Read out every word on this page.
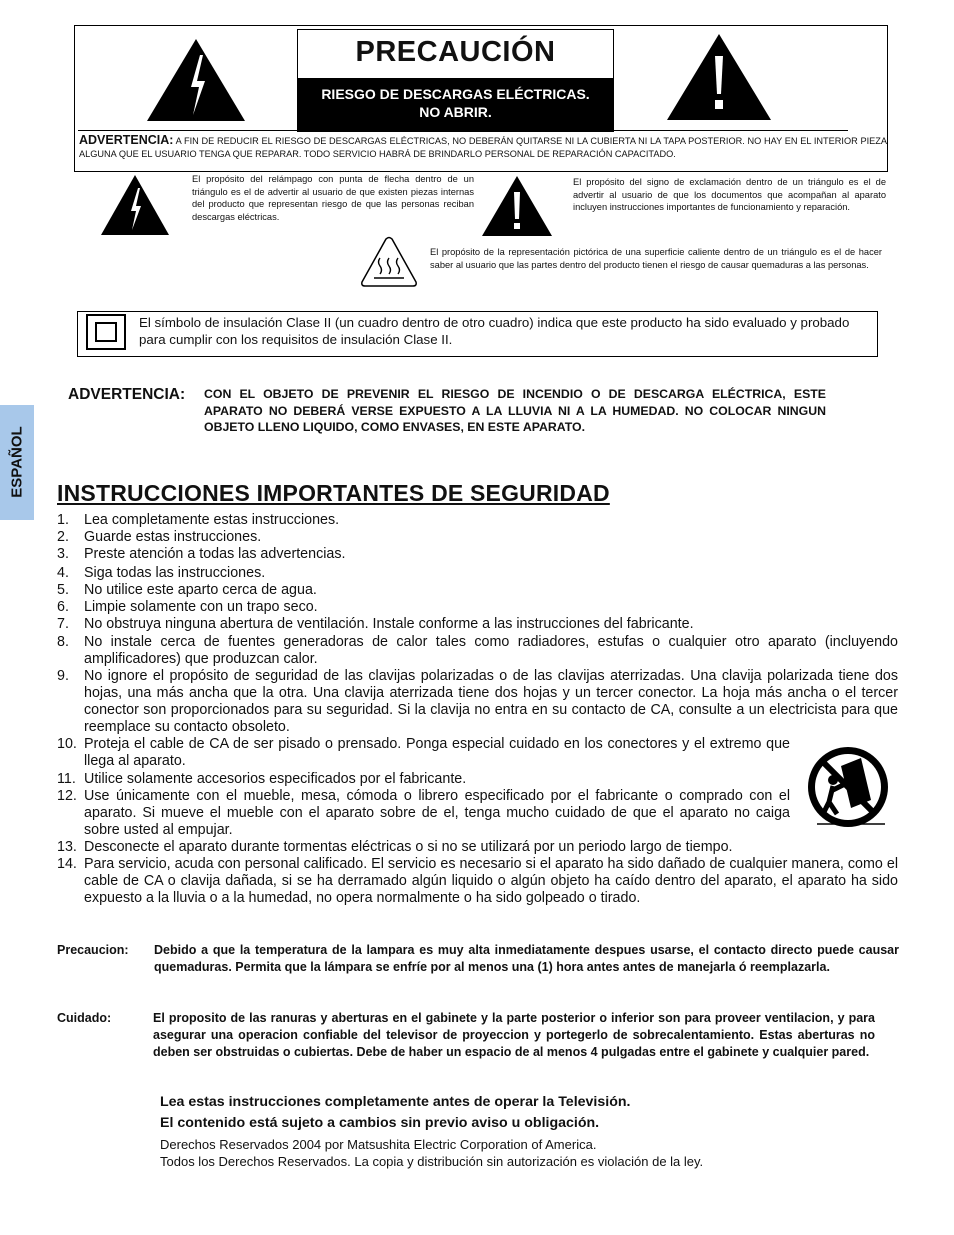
PRECAUCIÓN
RIESGO DE DESCARGAS ELÉCTRICAS.
NO ABRIR.
ADVERTENCIA: A FIN DE REDUCIR EL RIESGO DE DESCARGAS ELÉCTRICAS, NO DEBERÁN QUITARSE NI LA CUBIERTA NI LA TAPA POSTERIOR. NO HAY EN EL INTERIOR PIEZA ALGUNA QUE EL USUARIO TENGA QUE REPARAR. TODO SERVICIO HABRÁ DE BRINDARLO PERSONAL DE REPARACIÓN CAPACITADO.
El propósito del relámpago con punta de flecha dentro de un triángulo es el de advertir al usuario de que existen piezas internas del producto que representan riesgo de que las personas reciban descargas eléctricas.
El propósito del signo de exclamación dentro de un triángulo es el de advertir al usuario de que los documentos que acompañan al aparato incluyen instrucciones importantes de funcionamiento y reparación.
El propósito de la representación pictórica de una superficie caliente dentro de un triángulo es el de hacer saber al usuario que las partes dentro del producto tienen el riesgo de causar quemaduras a las personas.
El símbolo de insulación Clase II (un cuadro dentro de otro cuadro) indica que este producto ha sido evaluado y probado para cumplir con los requisitos de insulación Clase II.
ADVERTENCIA: CON EL OBJETO DE PREVENIR EL RIESGO DE INCENDIO O DE DESCARGA ELÉCTRICA, ESTE APARATO NO DEBERÁ VERSE EXPUESTO A LA LLUVIA NI A LA HUMEDAD. NO COLOCAR NINGUN OBJETO LLENO LIQUIDO, COMO ENVASES, EN ESTE APARATO.
ESPAÑOL INSTRUCCIONES IMPORTANTES DE SEGURIDAD
1. Lea completamente estas instrucciones.
2. Guarde estas instrucciones.
3. Preste atención a todas las advertencias.
4. Siga todas las instrucciones.
5. No utilice este aparto cerca de agua.
6. Limpie solamente con un trapo seco.
7. No obstruya ninguna abertura de ventilación. Instale conforme a las instrucciones del fabricante.
8. No instale cerca de fuentes generadoras de calor tales como radiadores, estufas o cualquier otro aparato (incluyendo amplificadores) que produzcan calor.
9. No ignore el propósito de seguridad de las clavijas polarizadas o de las clavijas aterrizadas. Una clavija polarizada tiene dos hojas, una más ancha que la otra. Una clavija aterrizada tiene dos hojas y un tercer conector. La hoja más ancha o el tercer conector son proporcionados para su seguridad. Si la clavija no entra en su contacto de CA, consulte a un electricista para que reemplace su contacto obsoleto.
10. Proteja el cable de CA de ser pisado o prensado. Ponga especial cuidado en los conectores y el extremo que llega al aparato.
11. Utilice solamente accesorios especificados por el fabricante.
12. Use únicamente con el mueble, mesa, cómoda o librero especificado por el fabricante o comprado con el aparato. Si mueve el mueble con el aparato sobre de el, tenga mucho cuidado de que el aparato no caiga sobre usted al empujar.
13. Desconecte el aparato durante tormentas eléctricas o si no se utilizará por un periodo largo de tiempo.
14. Para servicio, acuda con personal calificado. El servicio es necesario si el aparato ha sido dañado de cualquier manera, como el cable de CA o clavija dañada, si se ha derramado algún liquido o algún objeto ha caído dentro del aparato, el aparato ha sido expuesto a la lluvia o a la humedad, no opera normalmente o ha sido golpeado o tirado.
Precaucion: Debido a que la temperatura de la lampara es muy alta inmediatamente despues usarse, el contacto directo puede causar quemaduras. Permita que la lámpara se enfríe por al menos una (1) hora antes antes de manejarla ó reemplazarla.
Cuidado:	El proposito de las ranuras y aberturas en el gabinete y la parte posterior o inferior son para proveer ventilacion, y para asegurar una operacion confiable del televisor de proyeccion y portegerlo de sobrecalentamiento. Estas aberturas no deben ser obstruidas o cubiertas. Debe de haber un espacio de al menos 4 pulgadas entre el gabinete y cualquier pared.
Lea estas instrucciones completamente antes de operar la Televisión.
El contenido está sujeto a cambios sin previo aviso u obligación.
Derechos Reservados 2004 por Matsushita Electric Corporation of America.
Todos los Derechos Reservados. La copia y distribución sin autorización es violación de la ley.
